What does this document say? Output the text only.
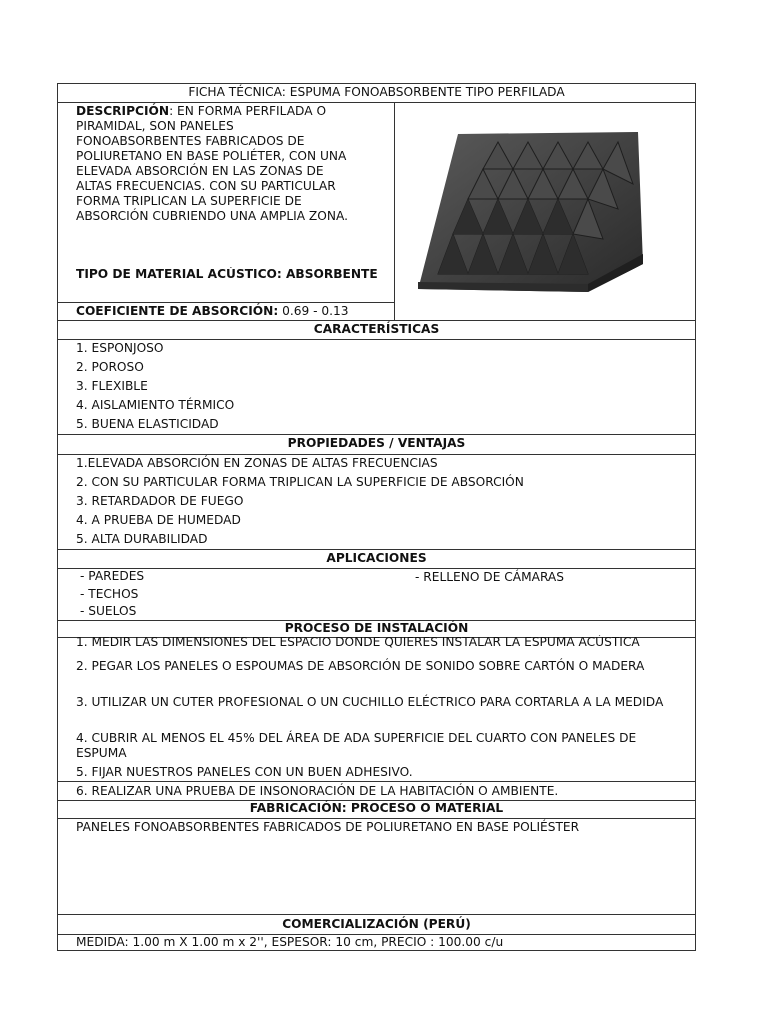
FICHA TÉCNICA: ESPUMA FONOABSORBENTE TIPO PERFILADA
DESCRIPCIÓN: EN FORMA PERFILADA O
PIRAMIDAL, SON PANELES
FONOABSORBENTES FABRICADOS DE
POLIURETANO EN BASE POLIÉTER, CON UNA
ELEVADA ABSORCIÓN EN LAS ZONAS DE
ALTAS FRECUENCIAS. CON SU PARTICULAR
FORMA TRIPLICAN LA SUPERFICIE DE
ABSORCIÓN CUBRIENDO UNA AMPLIA ZONA.
TIPO DE MATERIAL ACÚSTICO: ABSORBENTE
COEFICIENTE DE ABSORCIÓN: 0.69 - 0.13
CARACTERÍSTICAS
1. ESPONJOSO
2. POROSO
3. FLEXIBLE
4. AISLAMIENTO TÉRMICO
5. BUENA ELASTICIDAD
PROPIEDADES / VENTAJAS
1.ELEVADA ABSORCIÓN EN ZONAS DE ALTAS FRECUENCIAS
2. CON SU PARTICULAR FORMA TRIPLICAN LA SUPERFICIE DE ABSORCIÓN
3. RETARDADOR DE FUEGO
4. A PRUEBA DE HUMEDAD
5. ALTA DURABILIDAD
APLICACIONES
- PAREDES
- TECHOS
- SUELOS
- RELLENO DE CÁMARAS
PROCESO DE INSTALACIÓN
1. MEDIR LAS DIMENSIONES DEL ESPACIO DONDE QUIERES INSTALAR LA ESPUMA ACÚSTICA
2. PEGAR LOS PANELES O ESPOUMAS DE ABSORCIÓN DE SONIDO SOBRE CARTÓN O MADERA
3. UTILIZAR UN CUTER PROFESIONAL O UN CUCHILLO ELÉCTRICO PARA CORTARLA A LA MEDIDA
4. CUBRIR AL MENOS EL 45% DEL ÁREA DE ADA SUPERFICIE DEL CUARTO CON PANELES DE ESPUMA
5. FIJAR NUESTROS PANELES CON UN BUEN ADHESIVO.
6. REALIZAR UNA PRUEBA DE INSONORACIÓN DE LA HABITACIÓN O AMBIENTE.
FABRICACIÓN: PROCESO O MATERIAL
PANELES FONOABSORBENTES FABRICADOS DE POLIURETANO EN BASE POLIÉSTER
COMERCIALIZACIÓN (PERÚ)
MEDIDA: 1.00 m X 1.00 m x 2'', ESPESOR: 10 cm, PRECIO : 100.00 c/u
